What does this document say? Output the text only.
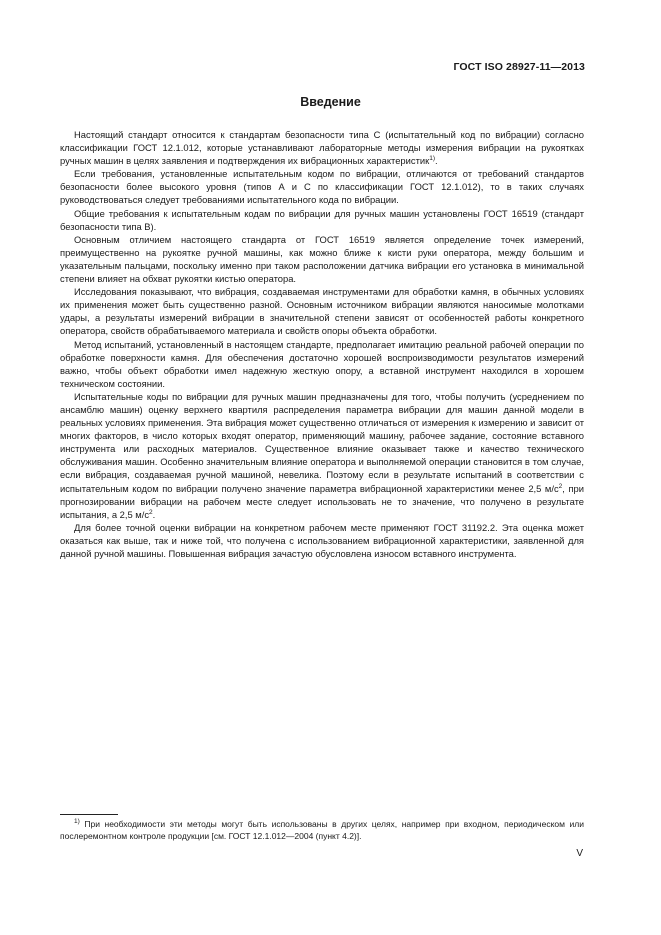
ГОСТ ISO 28927-11—2013
Введение

Настоящий стандарт относится к стандартам безопасности типа С (испытательный код по вибрации) согласно классификации ГОСТ 12.1.012, которые устанавливают лабораторные методы измерения вибрации на рукоятках ручных машин в целях заявления и подтверждения их вибрационных характеристик$^{1)}$.

Если требования, установленные испытательным кодом по вибрации, отличаются от требований стандартов безопасности более высокого уровня (типов А и С по классификации ГОСТ 12.1.012), то в таких случаях руководствоваться следует требованиями испытательного кода по вибрации.

Общие требования к испытательным кодам по вибрации для ручных машин установлены ГОСТ 16519 (стандарт безопасности типа В).

Основным отличием настоящего стандарта от ГОСТ 16519 является определение точек измерений, преимущественно на рукоятке ручной машины, как можно ближе к кисти руки оператора, между большим и указательным пальцами, поскольку именно при таком расположении датчика вибрации его установка в минимальной степени влияет на обхват рукоятки кистью оператора.

Исследования показывают, что вибрация, создаваемая инструментами для обработки камня, в обычных условиях их применения может быть существенно разной. Основным источником вибрации являются наносимые молотками удары, а результаты измерений вибрации в значительной степени зависят от особенностей работы конкретного оператора, свойств обрабатываемого материала и свойств опоры объекта обработки.

Метод испытаний, установленный в настоящем стандарте, предполагает имитацию реальной рабочей операции по обработке поверхности камня. Для обеспечения достаточно хорошей воспроизводимости результатов измерений важно, чтобы объект обработки имел надежную жесткую опору, а вставной инструмент находился в хорошем техническом состоянии.

Испытательные коды по вибрации для ручных машин предназначены для того, чтобы получить (усреднением по ансамблю машин) оценку верхнего квартиля распределения параметра вибрации для машин данной модели в реальных условиях применения. Эта вибрация может существенно отличаться от измерения к измерению и зависит от многих факторов, в число которых входят оператор, применяющий машину, рабочее задание, состояние вставного инструмента или расходных материалов. Существенное влияние оказывает также и качество технического обслуживания машин. Особенно значительным влияние оператора и выполняемой операции становится в том случае, если вибрация, создаваемая ручной машиной, невелика. Поэтому если в результате испытаний в соответствии с испытательным кодом по вибрации получено значение параметра вибрационной характеристики менее 2,5 $м/с^2$, при прогнозировании вибрации на рабочем месте следует использовать не то значение, что получено в результате испытания, а 2,5 $м/с^2$.

Для более точной оценки вибрации на конкретном рабочем месте применяют ГОСТ 31192.2. Эта оценка может оказаться как выше, так и ниже той, что получена с использованием вибрационной характеристики, заявленной для данной ручной машины. Повышенная вибрация зачастую обусловлена износом вставного инструмента.

$^{1)}$ При необходимости эти методы могут быть использованы в других целях, например при входном, периодическом или послеремонтном контроле продукции [см. ГОСТ 12.1.012—2004 (пункт 4.2)].
V
